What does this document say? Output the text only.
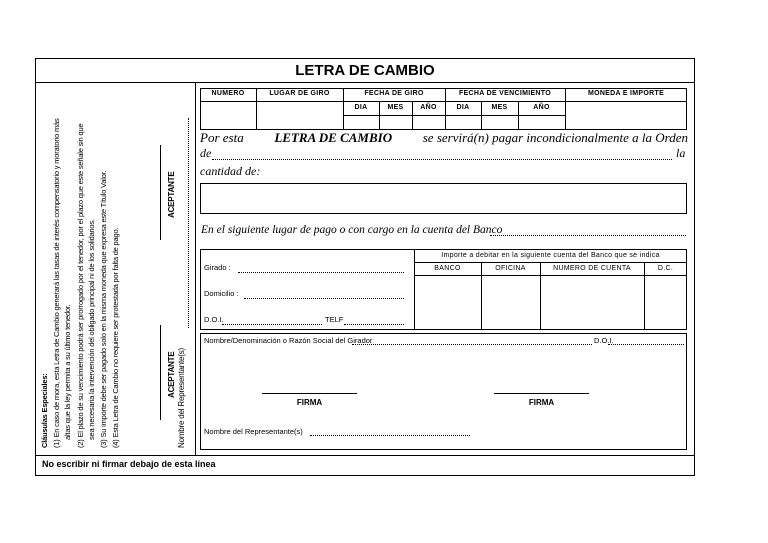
LETRA DE CAMBIO
No escribir ni firmar debajo de esta línea
Cláusulas Especiales: (1) En caso de mora, esta Letra de Cambio generará las tasas de interés compensatorio y moratorio más altas que la ley permita a su último tenedor. (2) El plazo de su vencimiento podrá ser prorrogado por el tenedor, por el plazo que este señale sin que sea necesaria la intervención del obligado principal ni de los solidarios. (3) Su importe debe ser pagado solo en la misma moneda que expresa este Título Valor. (4) Esta Letra de Cambio no requiere ser protestada por falta de pago.
ACEPTANTE
ACEPTANTE Nombre del Representante(s)
NUMERO	LUGAR DE GIRO	FECHA DE GIRO	FECHA DE VENCIMIENTO	MONEDA E IMPORTE
DIA	MES	AÑO	DIA	MES	AÑO
Por esta LETRA DE CAMBIO se servirá(n) pagar incondicionalmente a la Orden
de	la
cantidad de:
En el siguiente lugar de pago o con cargo en la cuenta del Banco
Girado :
Domicilio :
D.O.I.	TELF
Importe a debitar en la siguiente cuenta del Banco que se indica
BANCO	OFICINA	NUMERO DE CUENTA	D.C.
Nombre/Denominación o Razón Social del Girador	D.O.I.
FIRMA	FIRMA
Nombre del Representante(s)
